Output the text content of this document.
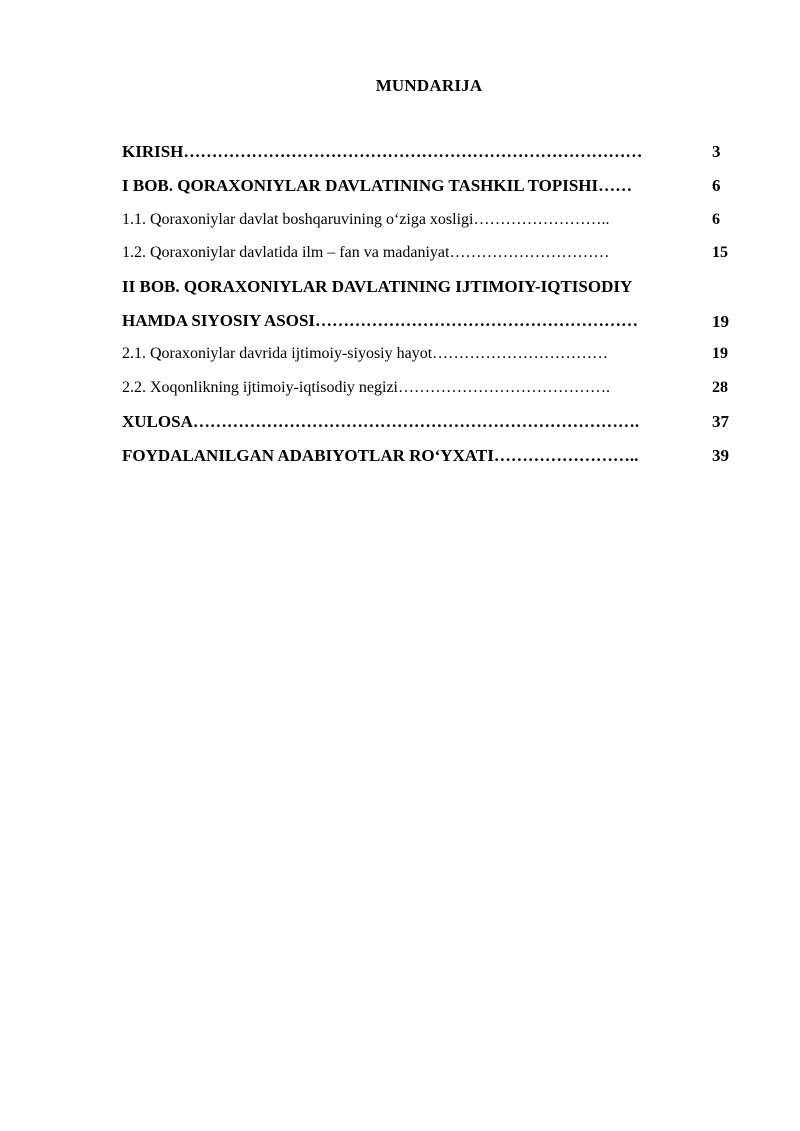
MUNDARIJA
KIRISH………………………………………………………………………	3
I BOB. QORAXONIYLAR DAVLATINING TASHKIL TOPISHI……	6
1.1. Qoraxoniylar davlat boshqaruvining o‘ziga xosligi……………………..	6
1.2. Qoraxoniylar davlatida ilm – fan va madaniyat…………………………	15
II BOB. QORAXONIYLAR DAVLATINING IJTIMOIY-IQTISODIY
HAMDA SIYOSIY ASOSI…………………………………………………	19
2.1. Qoraxoniylar davrida ijtimoiy-siyosiy hayot……………………………	19
2.2. Xoqonlikning ijtimoiy-iqtisodiy negizi………………………………….	28
XULOSA…………………………………………………………………….	37
FOYDALANILGAN ADABIYOTLAR RO‘YXATI……………………..	39
